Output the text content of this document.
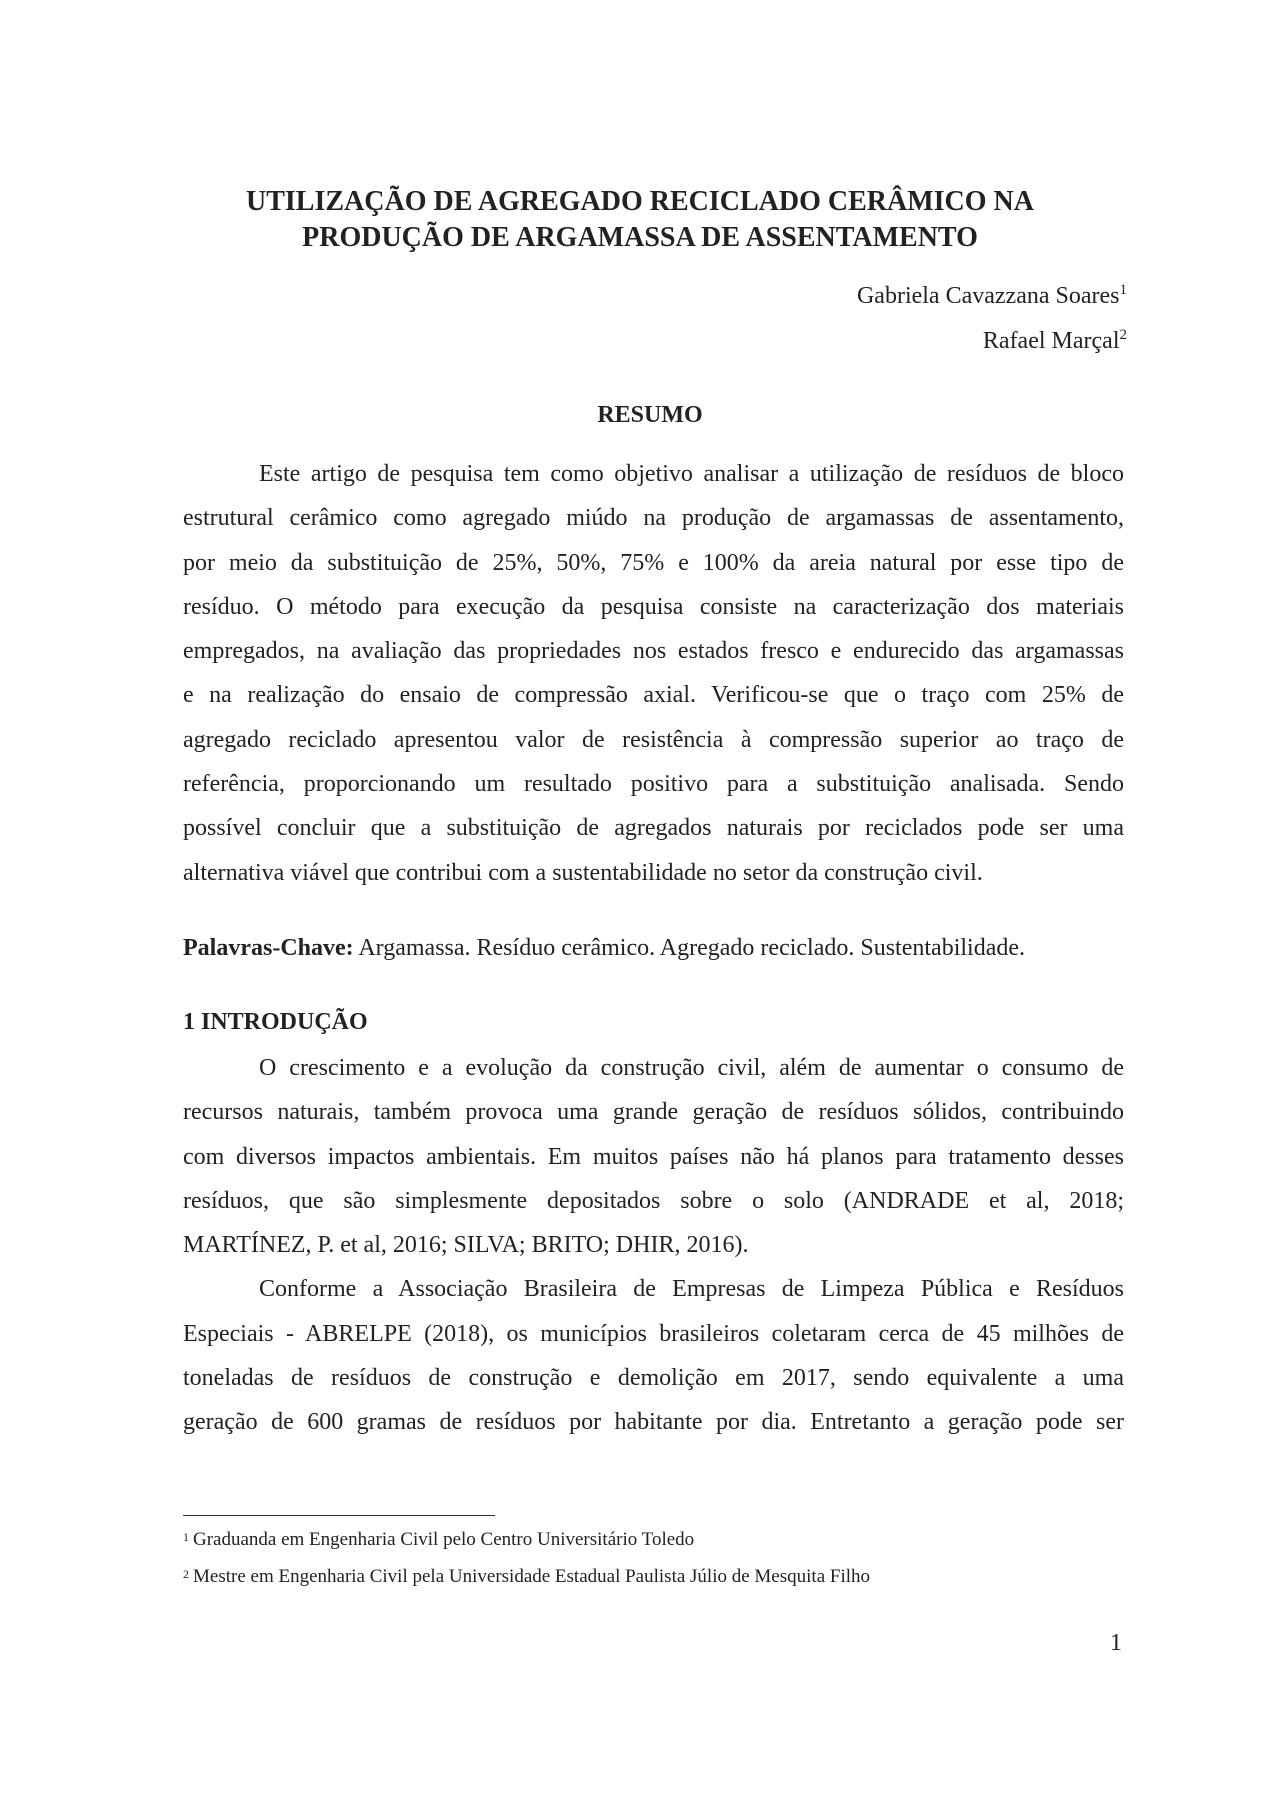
UTILIZAÇÃO DE AGREGADO RECICLADO CERÂMICO NA
PRODUÇÃO DE ARGAMASSA DE ASSENTAMENTO
Gabriela Cavazzana Soares$^1$
Rafael Marçal$^2$
RESUMO
Este artigo de pesquisa tem como objetivo analisar a utilização de resíduos de bloco
estrutural cerâmico como agregado miúdo na produção de argamassas de assentamento,
por meio da substituição de 25%, 50%, 75% e 100% da areia natural por esse tipo de
resíduo. O método para execução da pesquisa consiste na caracterização dos materiais
empregados, na avaliação das propriedades nos estados fresco e endurecido das argamassas
e na realização do ensaio de compressão axial. Verificou-se que o traço com 25% de
agregado reciclado apresentou valor de resistência à compressão superior ao traço de
referência, proporcionando um resultado positivo para a substituição analisada. Sendo
possível concluir que a substituição de agregados naturais por reciclados pode ser uma
alternativa viável que contribui com a sustentabilidade no setor da construção civil.
Palavras-Chave: Argamassa. Resíduo cerâmico. Agregado reciclado. Sustentabilidade.
1 INTRODUÇÃO
O crescimento e a evolução da construção civil, além de aumentar o consumo de
recursos naturais, também provoca uma grande geração de resíduos sólidos, contribuindo
com diversos impactos ambientais. Em muitos países não há planos para tratamento desses
resíduos, que são simplesmente depositados sobre o solo (ANDRADE et al, 2018;
MARTÍNEZ, P. et al, 2016; SILVA; BRITO; DHIR, 2016).
Conforme a Associação Brasileira de Empresas de Limpeza Pública e Resíduos
Especiais - ABRELPE (2018), os municípios brasileiros coletaram cerca de 45 milhões de
toneladas de resíduos de construção e demolição em 2017, sendo equivalente a uma
geração de 600 gramas de resíduos por habitante por dia. Entretanto a geração pode ser
$^1$ Graduanda em Engenharia Civil pelo Centro Universitário Toledo
$^2$ Mestre em Engenharia Civil pela Universidade Estadual Paulista Júlio de Mesquita Filho
1
